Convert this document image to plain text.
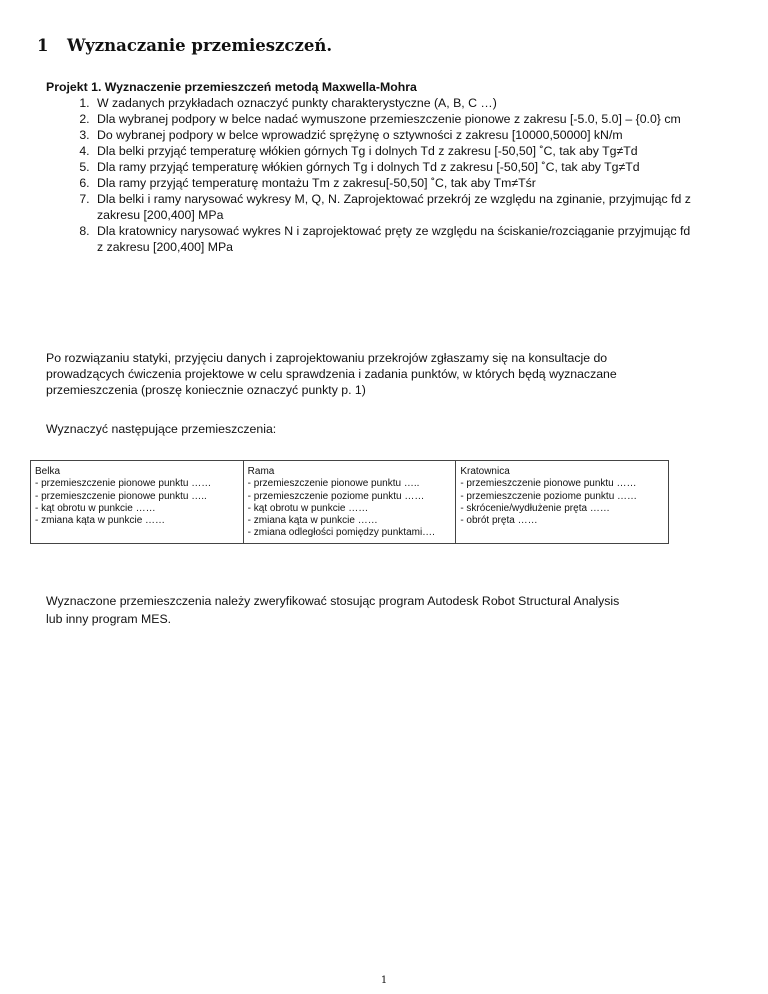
1 Wyznaczanie przemieszczeń.
Projekt 1. Wyznaczenie przemieszczeń metodą Maxwella-Mohra
1. W zadanych przykładach oznaczyć punkty charakterystyczne (A, B, C …)
2. Dla wybranej podpory w belce nadać wymuszone przemieszczenie pionowe z zakresu [-5.0, 5.0] – {0.0} cm
3. Do wybranej podpory w belce wprowadzić sprężynę o sztywności z zakresu [10000,50000] kN/m
4. Dla belki przyjąć temperaturę włókien górnych Tg i dolnych Td z zakresu [-50,50] ˚C, tak aby Tg≠Td
5. Dla ramy przyjąć temperaturę włókien górnych Tg i dolnych Td z zakresu [-50,50] ˚C, tak aby Tg≠Td
6. Dla ramy przyjąć temperaturę montażu Tm z zakresu[-50,50] ˚C, tak aby Tm≠Tśr
7. Dla belki i ramy narysować wykresy M, Q, N. Zaprojektować przekrój ze względu na zginanie, przyjmując fd z zakresu [200,400] MPa
8. Dla kratownicy narysować wykres N i zaprojektować pręty ze względu na ściskanie/rozciąganie przyjmując fd z zakresu [200,400] MPa
Po rozwiązaniu statyki, przyjęciu danych i zaprojektowaniu przekrojów zgłaszamy się na konsultacje do prowadzących ćwiczenia projektowe w celu sprawdzenia i zadania punktów, w których będą wyznaczane przemieszczenia (proszę koniecznie oznaczyć punkty p. 1)
Wyznaczyć następujące przemieszczenia:
Belka
- przemieszczenie pionowe punktu ……
- przemieszczenie pionowe punktu …..
- kąt obrotu w punkcie ……
- zmiana kąta w punkcie ……

Rama
- przemieszczenie pionowe punktu …..
- przemieszczenie poziome punktu ……
- kąt obrotu w punkcie ……
- zmiana kąta w punkcie ……
- zmiana odległości pomiędzy punktami….

Kratownica
- przemieszczenie pionowe punktu ……
- przemieszczenie poziome punktu ……
- skrócenie/wydłużenie pręta ……
- obrót pręta ……
Wyznaczone przemieszczenia należy zweryfikować stosując program Autodesk Robot Structural Analysis lub inny program MES.
1
